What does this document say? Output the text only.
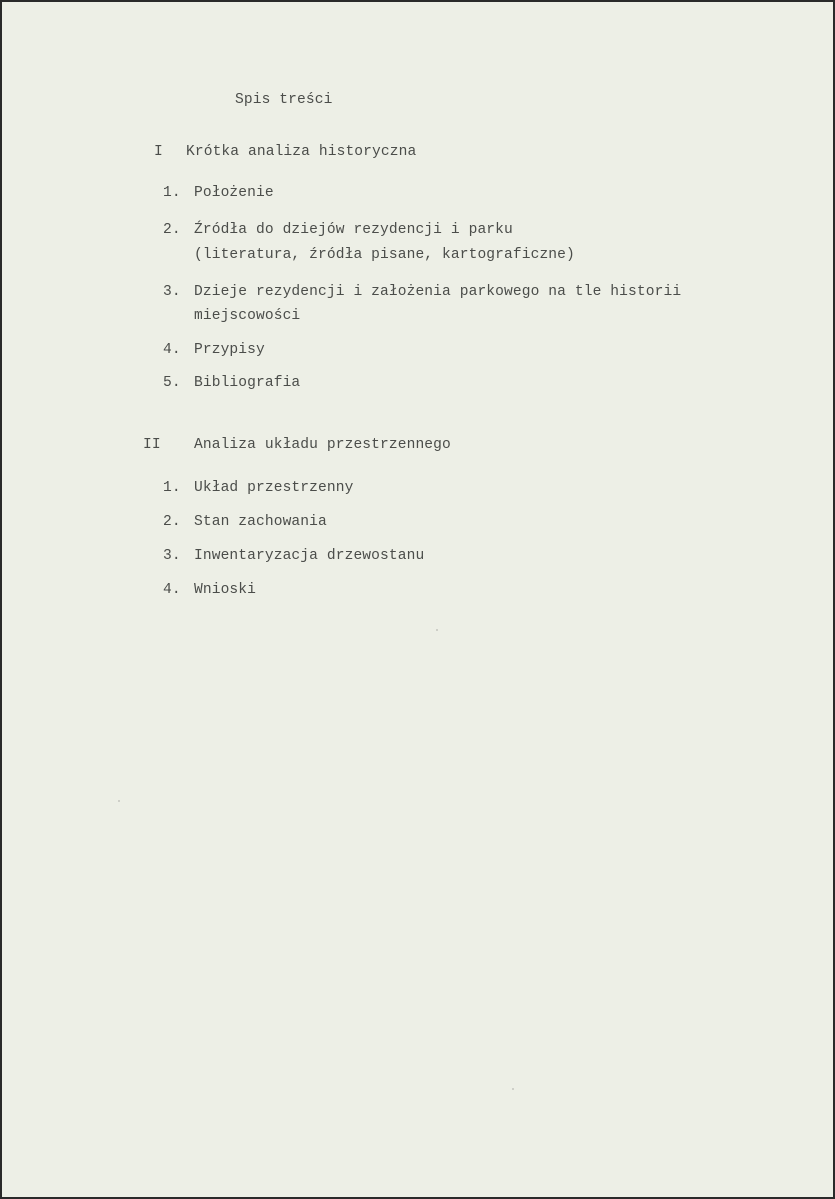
Spis treści
I Krótka analiza historyczna
1. Położenie
2. Źródła do dziejów rezydencji i parku
(literatura, źródła pisane, kartograficzne)
3. Dzieje rezydencji i założenia parkowego na tle historii
miejscowości
4. Przypisy
5. Bibliografia
II Analiza układu przestrzennego
1. Układ przestrzenny
2. Stan zachowania
3. Inwentaryzacja drzewostanu
4. Wnioski
